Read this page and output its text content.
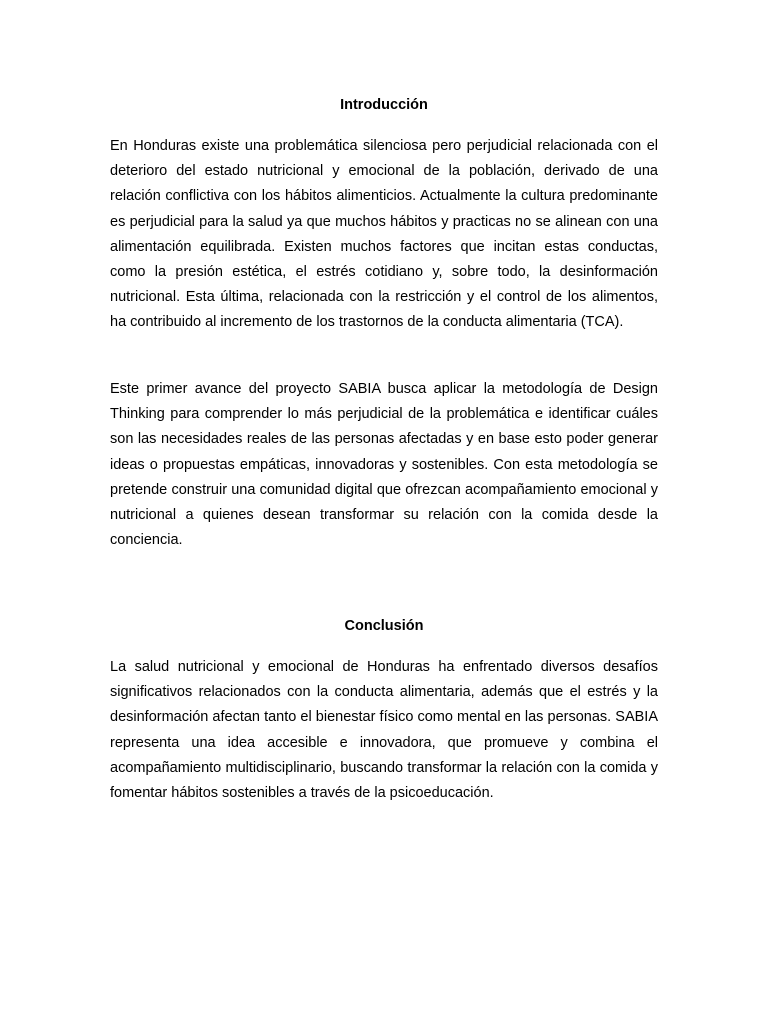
Introducción

En Honduras existe una problemática silenciosa pero perjudicial relacionada con el deterioro del estado nutricional y emocional de la población, derivado de una relación conflictiva con los hábitos alimenticios. Actualmente la cultura predominante es perjudicial para la salud ya que muchos hábitos y practicas no se alinean con una alimentación equilibrada. Existen muchos factores que incitan estas conductas, como la presión estética, el estrés cotidiano y, sobre todo, la desinformación nutricional. Esta última, relacionada con la restricción y el control de los alimentos, ha contribuido al incremento de los trastornos de la conducta alimentaria (TCA).

Este primer avance del proyecto SABIA busca aplicar la metodología de Design Thinking para comprender lo más perjudicial de la problemática e identificar cuáles son las necesidades reales de las personas afectadas y en base esto poder generar ideas o propuestas empáticas, innovadoras y sostenibles. Con esta metodología se pretende construir una comunidad digital que ofrezcan acompañamiento emocional y nutricional a quienes desean transformar su relación con la comida desde la conciencia.

Conclusión

La salud nutricional y emocional de Honduras ha enfrentado diversos desafíos significativos relacionados con la conducta alimentaria, además que el estrés y la desinformación afectan tanto el bienestar físico como mental en las personas. SABIA representa una idea accesible e innovadora, que promueve y combina el acompañamiento multidisciplinario, buscando transformar la relación con la comida y fomentar hábitos sostenibles a través de la psicoeducación.
